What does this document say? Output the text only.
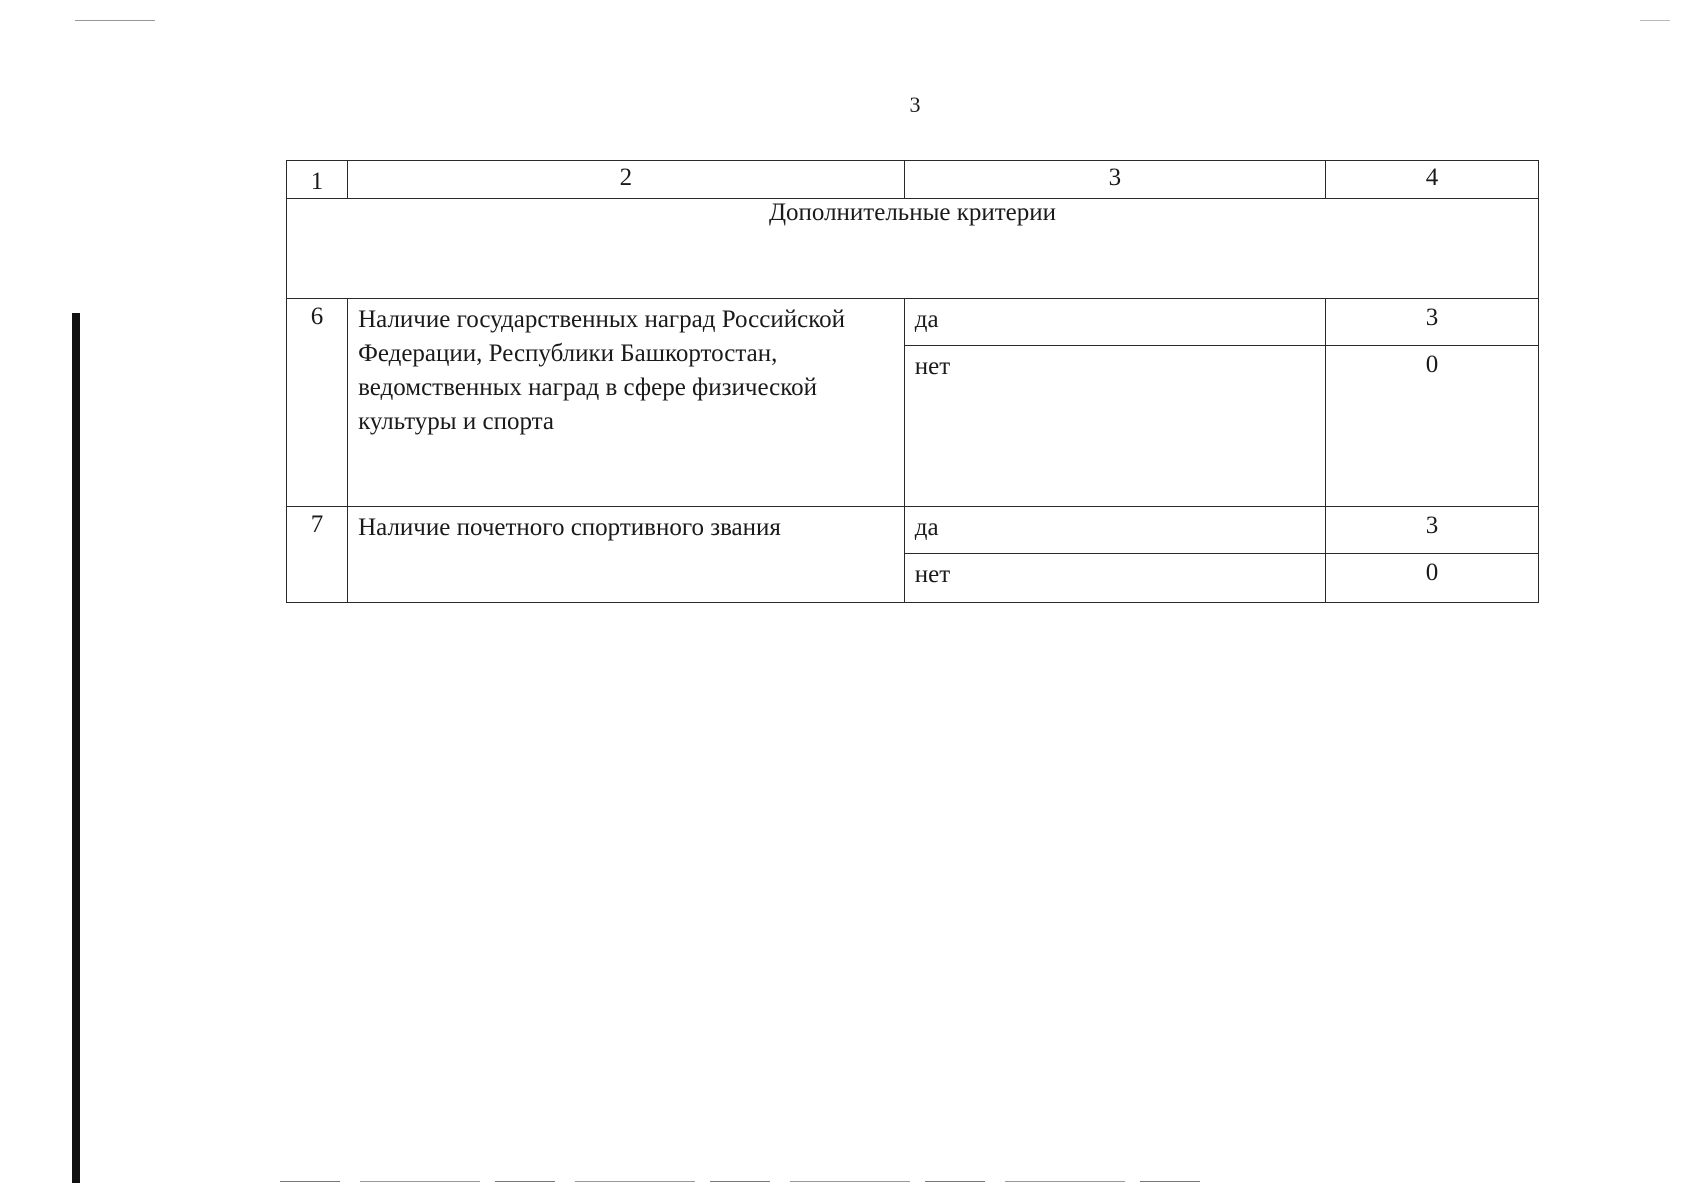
3
1	2	3	4
Дополнительные критерии			
6	Наличие государственных наград Российской Федерации, Республики Башкортостан, ведомственных наград в сфере физической культуры и спорта	да	3
		нет	0
7	Наличие почетного спортивного звания	да	3
		нет	0
